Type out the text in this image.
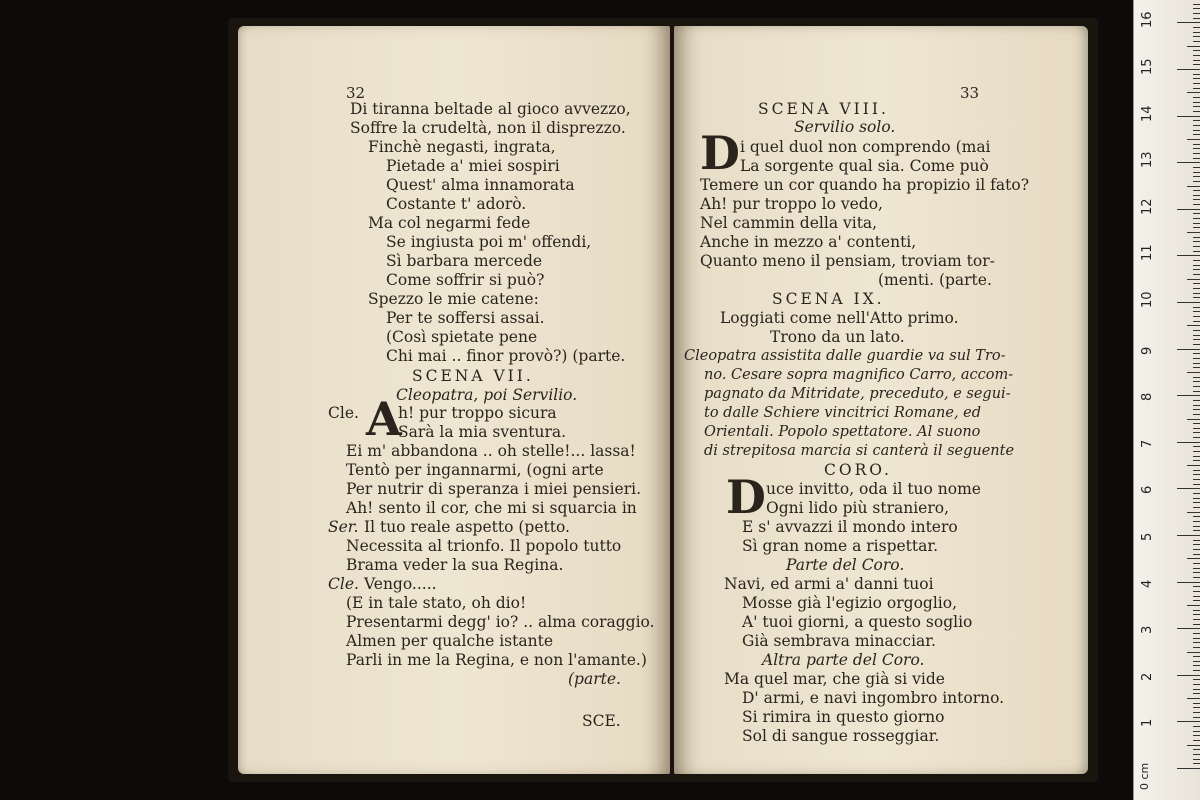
32
Di tiranna beltade al gioco avvezzo,
Soffre la crudeltà, non il disprezzo.
Finchè negasti, ingrata,
Pietade a' miei sospiri
Quest' alma innamorata
Costante t' adorò.
Ma col negarmi fede
Se ingiusta poi m' offendi,
Sì barbara mercede
Come soffrir si può?
Spezzo le mie catene:
Per te soffersi assai.
(Così spietate pene
Chi mai .. finor provò?) (parte.
SCENA VII.
Cleopatra, poi Servilio.
Cle. A
h! pur troppo sicura
Sarà la mia sventura.
Ei m' abbandona .. oh stelle!... lassa!
Tentò per ingannarmi, (ogni arte
Per nutrir di speranza i miei pensieri.
Ah! sento il cor, che mi si squarcia in
Ser. Il tuo reale aspetto (petto.
Necessita al trionfo. Il popolo tutto
Brama veder la sua Regina.
Cle. Vengo.....
(E in tale stato, oh dio!
Presentarmi degg' io? .. alma coraggio.
Almen per qualche istante
Parli in me la Regina, e non l'amante.)
(parte.
SCE.
33
SCENA VIII.
Servilio solo.
D i quel duol non comprendo (mai
La sorgente qual sia. Come può
Temere un cor quando ha propizio il fato?
Ah! pur troppo lo vedo,
Nel cammin della vita,
Anche in mezzo a' contenti,
Quanto meno il pensiam, troviam tor-
(menti. (parte.
SCENA IX.
Loggiati come nell'Atto primo.
Trono da un lato.
Cleopatra assistita dalle guardie va sul Tro-
no. Cesare sopra magnifico Carro, accom-
pagnato da Mitridate, preceduto, e segui-
to dalle Schiere vincitrici Romane, ed
Orientali. Popolo spettatore. Al suono
di strepitosa marcia si canterà il seguente
CORO.
D uce invitto, oda il tuo nome
Ogni lido più straniero,
E s' avvazzi il mondo intero
Sì gran nome a rispettar.
Parte del Coro.
Navi, ed armi a' danni tuoi
Mosse già l'egizio orgoglio,
A' tuoi giorni, a questo soglio
Già sembrava minacciar.
Altra parte del Coro.
Ma quel mar, che già si vide
D' armi, e navi ingombro intorno.
Si rimira in questo giorno
Sol di sangue rosseggiar.
0 cm
1
2
3
4
5
6
7
8
9
10
11
12
13
14
15
16
